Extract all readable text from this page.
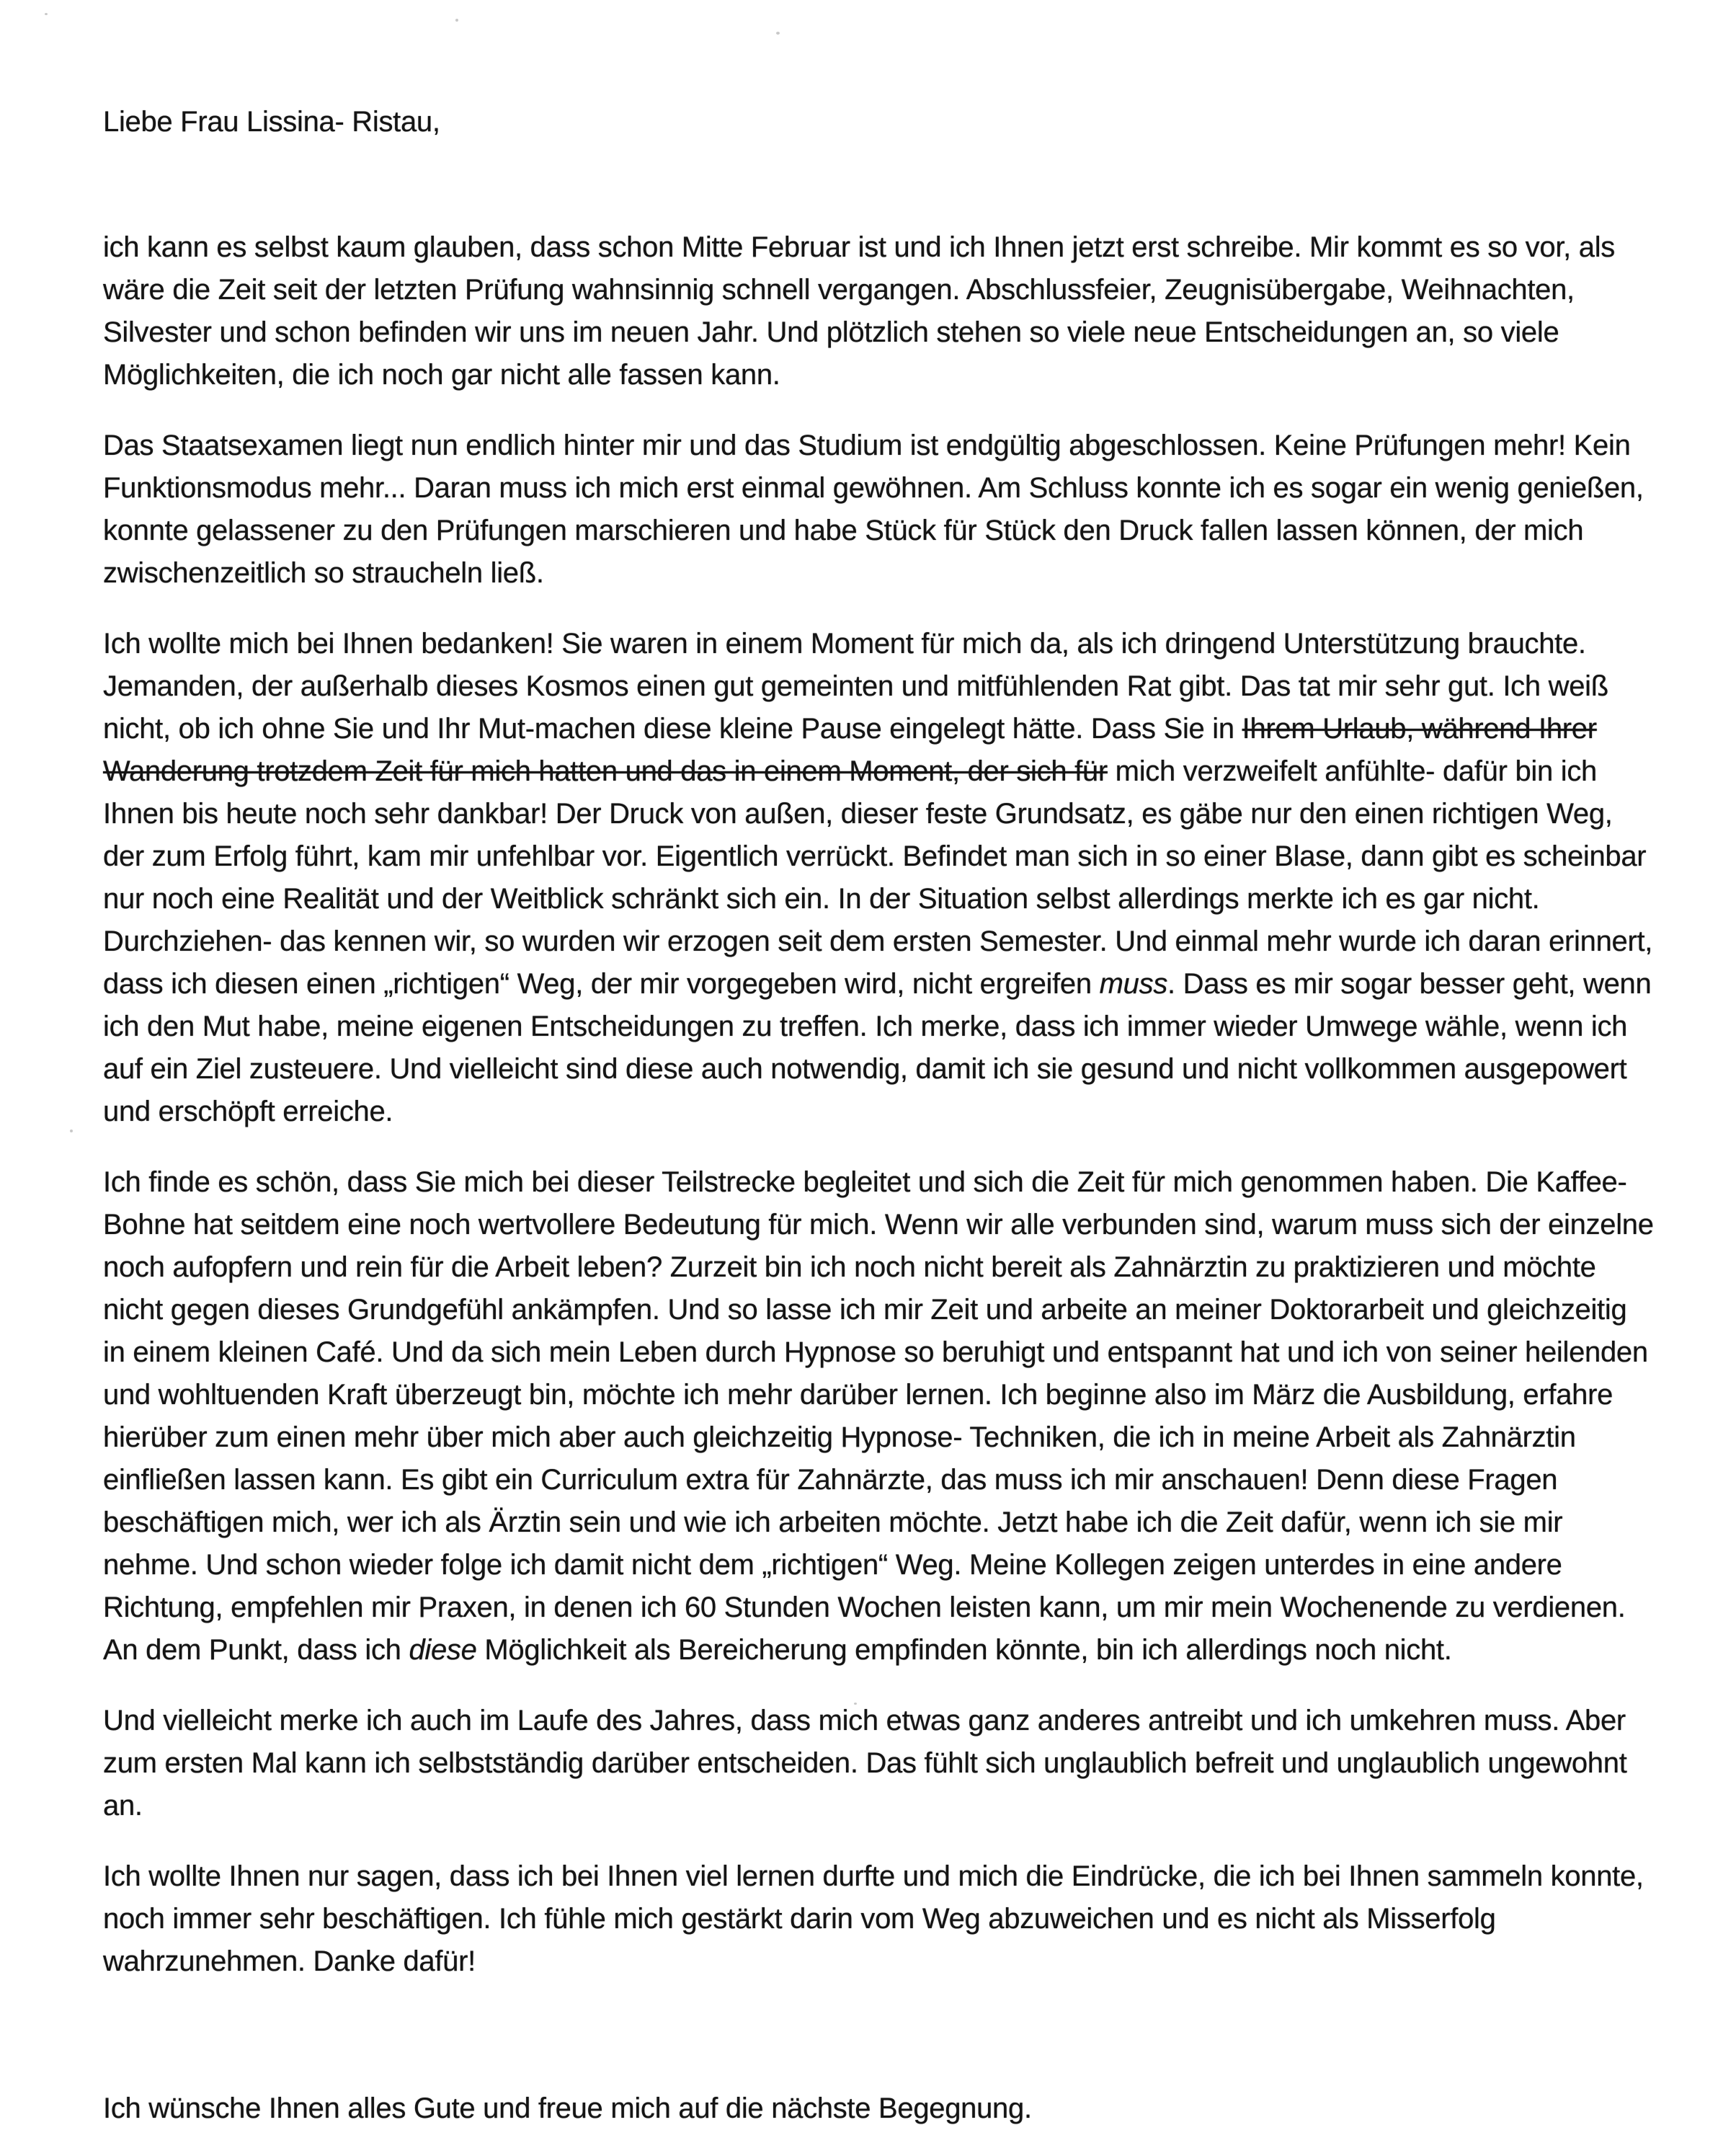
Liebe Frau Lissina- Ristau,

ich kann es selbst kaum glauben, dass schon Mitte Februar ist und ich Ihnen jetzt erst schreibe. Mir kommt es so vor, als wäre die Zeit seit der letzten Prüfung wahnsinnig schnell vergangen. Abschlussfeier, Zeugnisübergabe, Weihnachten, Silvester und schon befinden wir uns im neuen Jahr. Und plötzlich stehen so viele neue Entscheidungen an, so viele Möglichkeiten, die ich noch gar nicht alle fassen kann.

Das Staatsexamen liegt nun endlich hinter mir und das Studium ist endgültig abgeschlossen. Keine Prüfungen mehr! Kein Funktionsmodus mehr... Daran muss ich mich erst einmal gewöhnen. Am Schluss konnte ich es sogar ein wenig genießen, konnte gelassener zu den Prüfungen marschieren und habe Stück für Stück den Druck fallen lassen können, der mich zwischenzeitlich so straucheln ließ.

Ich wollte mich bei Ihnen bedanken! Sie waren in einem Moment für mich da, als ich dringend Unterstützung brauchte. Jemanden, der außerhalb dieses Kosmos einen gut gemeinten und mitfühlenden Rat gibt. Das tat mir sehr gut. Ich weiß nicht, ob ich ohne Sie und Ihr Mut-machen diese kleine Pause eingelegt hätte. Dass Sie in Ihrem Urlaub, während Ihrer Wanderung trotzdem Zeit für mich hatten und das in einem Moment, der sich für mich verzweifelt anfühlte- dafür bin ich Ihnen bis heute noch sehr dankbar! Der Druck von außen, dieser feste Grundsatz, es gäbe nur den einen richtigen Weg, der zum Erfolg führt, kam mir unfehlbar vor. Eigentlich verrückt. Befindet man sich in so einer Blase, dann gibt es scheinbar nur noch eine Realität und der Weitblick schränkt sich ein. In der Situation selbst allerdings merkte ich es gar nicht. Durchziehen- das kennen wir, so wurden wir erzogen seit dem ersten Semester. Und einmal mehr wurde ich daran erinnert, dass ich diesen einen „richtigen“ Weg, der mir vorgegeben wird, nicht ergreifen muss. Dass es mir sogar besser geht, wenn ich den Mut habe, meine eigenen Entscheidungen zu treffen. Ich merke, dass ich immer wieder Umwege wähle, wenn ich auf ein Ziel zusteuere. Und vielleicht sind diese auch notwendig, damit ich sie gesund und nicht vollkommen ausgepowert und erschöpft erreiche.

Ich finde es schön, dass Sie mich bei dieser Teilstrecke begleitet und sich die Zeit für mich genommen haben. Die Kaffee-Bohne hat seitdem eine noch wertvollere Bedeutung für mich. Wenn wir alle verbunden sind, warum muss sich der einzelne noch aufopfern und rein für die Arbeit leben? Zurzeit bin ich noch nicht bereit als Zahnärztin zu praktizieren und möchte nicht gegen dieses Grundgefühl ankämpfen. Und so lasse ich mir Zeit und arbeite an meiner Doktorarbeit und gleichzeitig in einem kleinen Café. Und da sich mein Leben durch Hypnose so beruhigt und entspannt hat und ich von seiner heilenden und wohltuenden Kraft überzeugt bin, möchte ich mehr darüber lernen. Ich beginne also im März die Ausbildung, erfahre hierüber zum einen mehr über mich aber auch gleichzeitig Hypnose- Techniken, die ich in meine Arbeit als Zahnärztin einfließen lassen kann. Es gibt ein Curriculum extra für Zahnärzte, das muss ich mir anschauen! Denn diese Fragen beschäftigen mich, wer ich als Ärztin sein und wie ich arbeiten möchte. Jetzt habe ich die Zeit dafür, wenn ich sie mir nehme. Und schon wieder folge ich damit nicht dem „richtigen“ Weg. Meine Kollegen zeigen unterdes in eine andere Richtung, empfehlen mir Praxen, in denen ich 60 Stunden Wochen leisten kann, um mir mein Wochenende zu verdienen. An dem Punkt, dass ich diese Möglichkeit als Bereicherung empfinden könnte, bin ich allerdings noch nicht.

Und vielleicht merke ich auch im Laufe des Jahres, dass mich etwas ganz anderes antreibt und ich umkehren muss. Aber zum ersten Mal kann ich selbstständig darüber entscheiden. Das fühlt sich unglaublich befreit und unglaublich ungewohnt an.

Ich wollte Ihnen nur sagen, dass ich bei Ihnen viel lernen durfte und mich die Eindrücke, die ich bei Ihnen sammeln konnte, noch immer sehr beschäftigen. Ich fühle mich gestärkt darin vom Weg abzuweichen und es nicht als Misserfolg wahrzunehmen. Danke dafür!

Ich wünsche Ihnen alles Gute und freue mich auf die nächste Begegnung.
